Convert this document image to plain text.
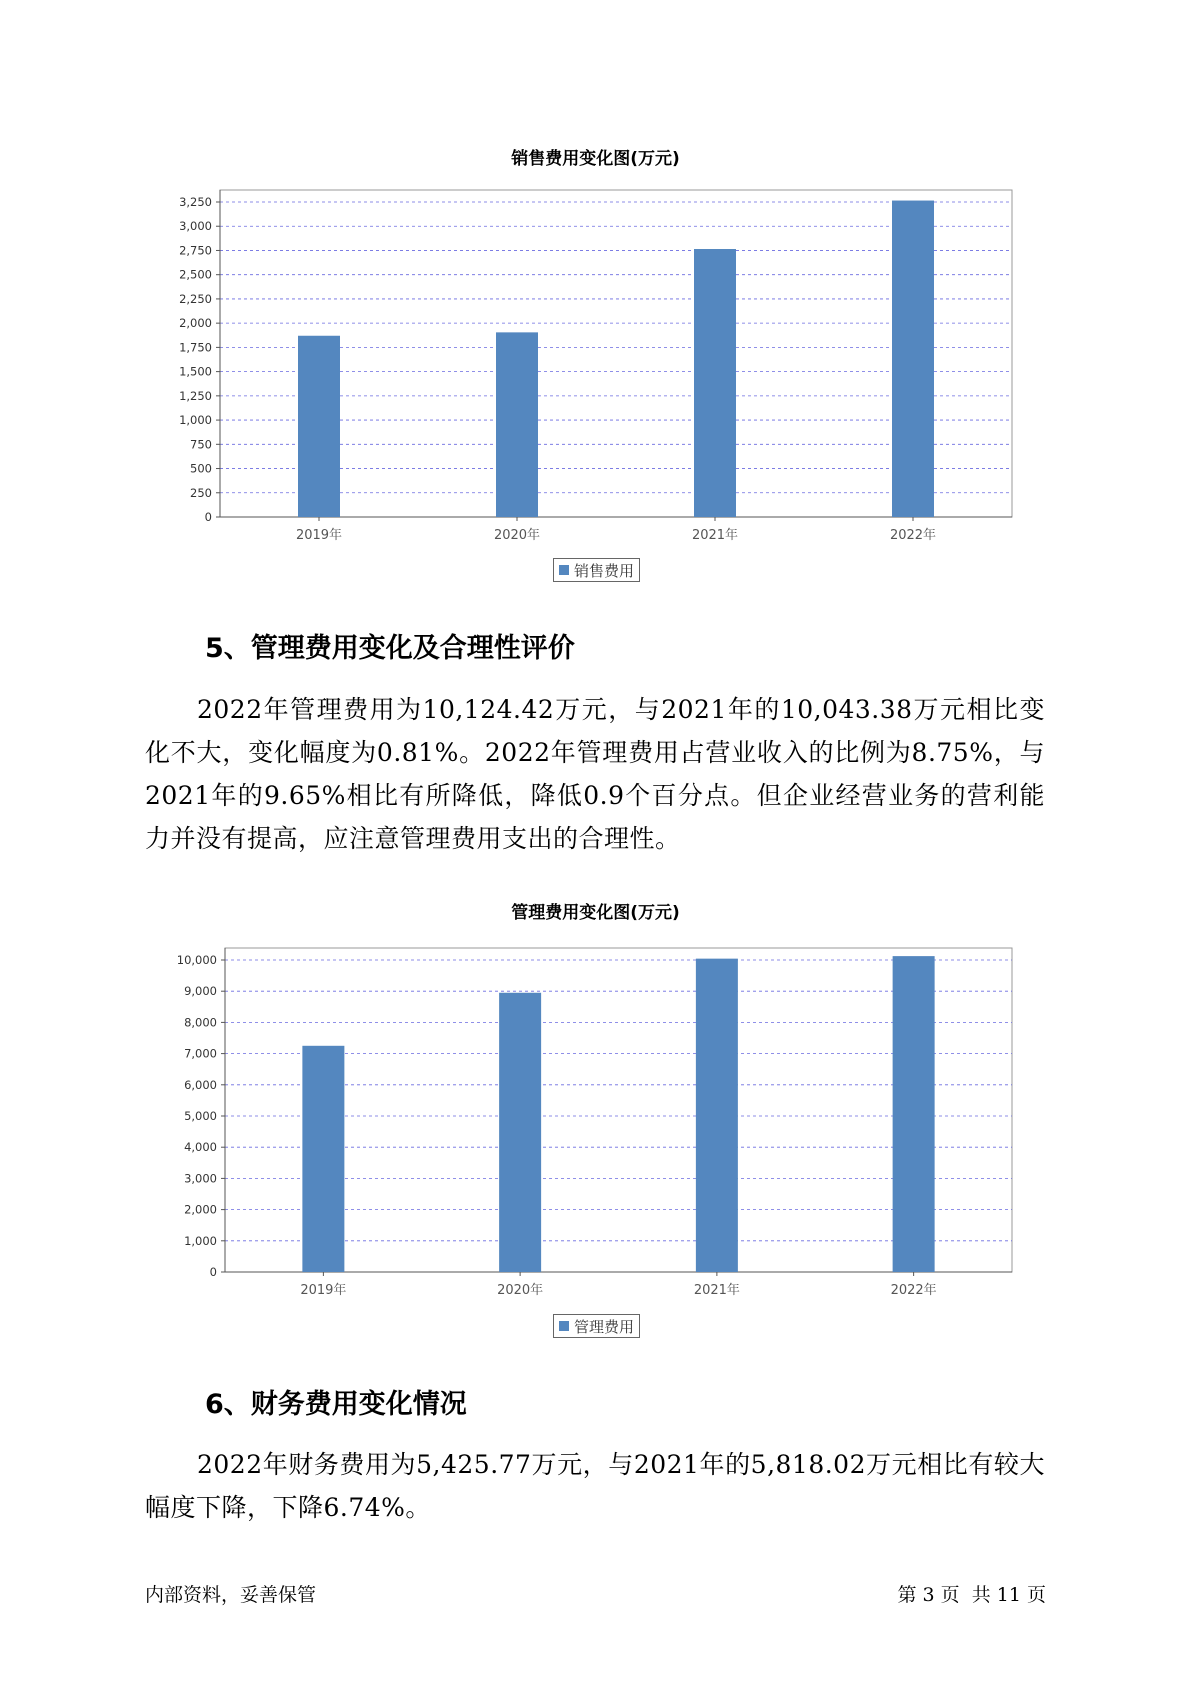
销售费用变化图(万元)
0
250
500
750
1,000
1,250
1,500
1,750
2,000
2,250
2,500
2,750
3,000
3,250
2019年	2020年	2021年	2022年
销售费用
5、管理费用变化及合理性评价
2022年管理费用为10,124.42万元，与2021年的10,043.38万元相比变化不大，变化幅度为0.81%。2022年管理费用占营业收入的比例为8.75%，与2021年的9.65%相比有所降低，降低0.9个百分点。但企业经营业务的营利能力并没有提高，应注意管理费用支出的合理性。
管理费用变化图(万元)
0
1,000
2,000
3,000
4,000
5,000
6,000
7,000
8,000
9,000
10,000
2019年	2020年	2021年	2022年
管理费用
6、财务费用变化情况
2022年财务费用为5,425.77万元，与2021年的5,818.02万元相比有较大幅度下降，下降6.74%。
内部资料，妥善保管	第 3 页  共 11 页
